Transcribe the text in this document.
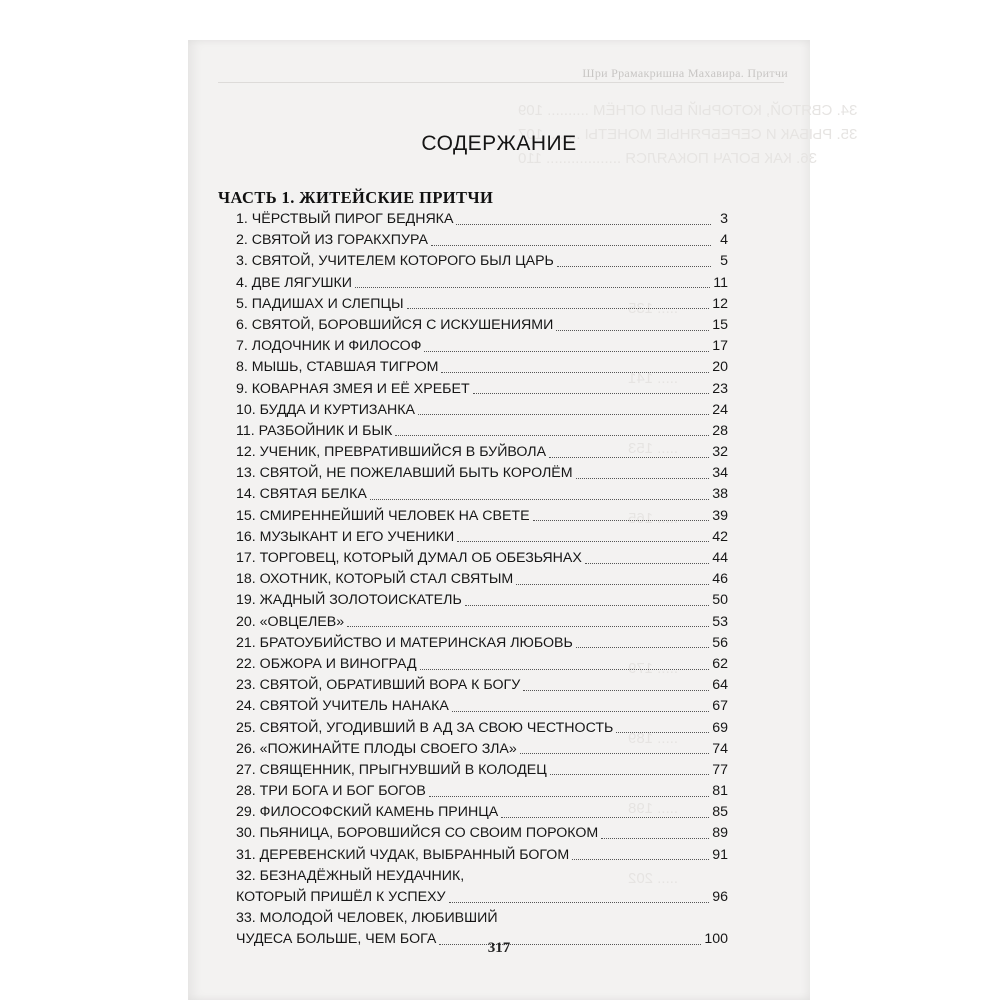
Шри Ррамакришна Махавира. Притчи
34. СВЯТОЙ, КОТОРЫЙ БЫЛ ОГНЁМ .......... 109
35. РЫБАК И СЕРЕБРЯНЫЕ МОНЕТЫ ........ 107
36. КАК БОГАЧ ПОКАЯЛСЯ .................. 110
..... 135
..... 141
..... 153
..... 165
..... 179
..... 189
..... 198
..... 202
СОДЕРЖАНИЕ
ЧАСТЬ 1. ЖИТЕЙСКИЕ ПРИТЧИ
1. ЧЁРСТВЫЙ ПИРОГ БЕДНЯКА	3
2. СВЯТОЙ ИЗ ГОРАКХПУРА	4
3. СВЯТОЙ, УЧИТЕЛЕМ КОТОРОГО БЫЛ ЦАРЬ	5
4. ДВЕ ЛЯГУШКИ	11
5. ПАДИШАХ И СЛЕПЦЫ	12
6. СВЯТОЙ, БОРОВШИЙСЯ С ИСКУШЕНИЯМИ	15
7. ЛОДОЧНИК И ФИЛОСОФ	17
8. МЫШЬ, СТАВШАЯ ТИГРОМ	20
9. КОВАРНАЯ ЗМЕЯ И ЕЁ ХРЕБЕТ	23
10. БУДДА И КУРТИЗАНКА	24
11. РАЗБОЙНИК И БЫК	28
12. УЧЕНИК, ПРЕВРАТИВШИЙСЯ В БУЙВОЛА	32
13. СВЯТОЙ, НЕ ПОЖЕЛАВШИЙ БЫТЬ КОРОЛЁМ	34
14. СВЯТАЯ БЕЛКА	38
15. СМИРЕННЕЙШИЙ ЧЕЛОВЕК НА СВЕТЕ	39
16. МУЗЫКАНТ И ЕГО УЧЕНИКИ	42
17. ТОРГОВЕЦ, КОТОРЫЙ ДУМАЛ ОБ ОБЕЗЬЯНАХ	44
18. ОХОТНИК, КОТОРЫЙ СТАЛ СВЯТЫМ	46
19. ЖАДНЫЙ ЗОЛОТОИСКАТЕЛЬ	50
20. «ОВЦЕЛЕВ»	53
21. БРАТОУБИЙСТВО И МАТЕРИНСКАЯ ЛЮБОВЬ	56
22. ОБЖОРА И ВИНОГРАД	62
23. СВЯТОЙ, ОБРАТИВШИЙ ВОРА К БОГУ	64
24. СВЯТОЙ УЧИТЕЛЬ НАНАКА	67
25. СВЯТОЙ, УГОДИВШИЙ В АД ЗА СВОЮ ЧЕСТНОСТЬ	69
26. «ПОЖИНАЙТЕ ПЛОДЫ СВОЕГО ЗЛА»	74
27. СВЯЩЕННИК, ПРЫГНУВШИЙ В КОЛОДЕЦ	77
28. ТРИ БОГА И БОГ БОГОВ	81
29. ФИЛОСОФСКИЙ КАМЕНЬ ПРИНЦА	85
30. ПЬЯНИЦА, БОРОВШИЙСЯ СО СВОИМ ПОРОКОМ	89
31. ДЕРЕВЕНСКИЙ ЧУДАК, ВЫБРАННЫЙ БОГОМ	91
32. БЕЗНАДЁЖНЫЙ НЕУДАЧНИК,
КОТОРЫЙ ПРИШЁЛ К УСПЕХУ	96
33. МОЛОДОЙ ЧЕЛОВЕК, ЛЮБИВШИЙ
ЧУДЕСА БОЛЬШЕ, ЧЕМ БОГА	100
317
